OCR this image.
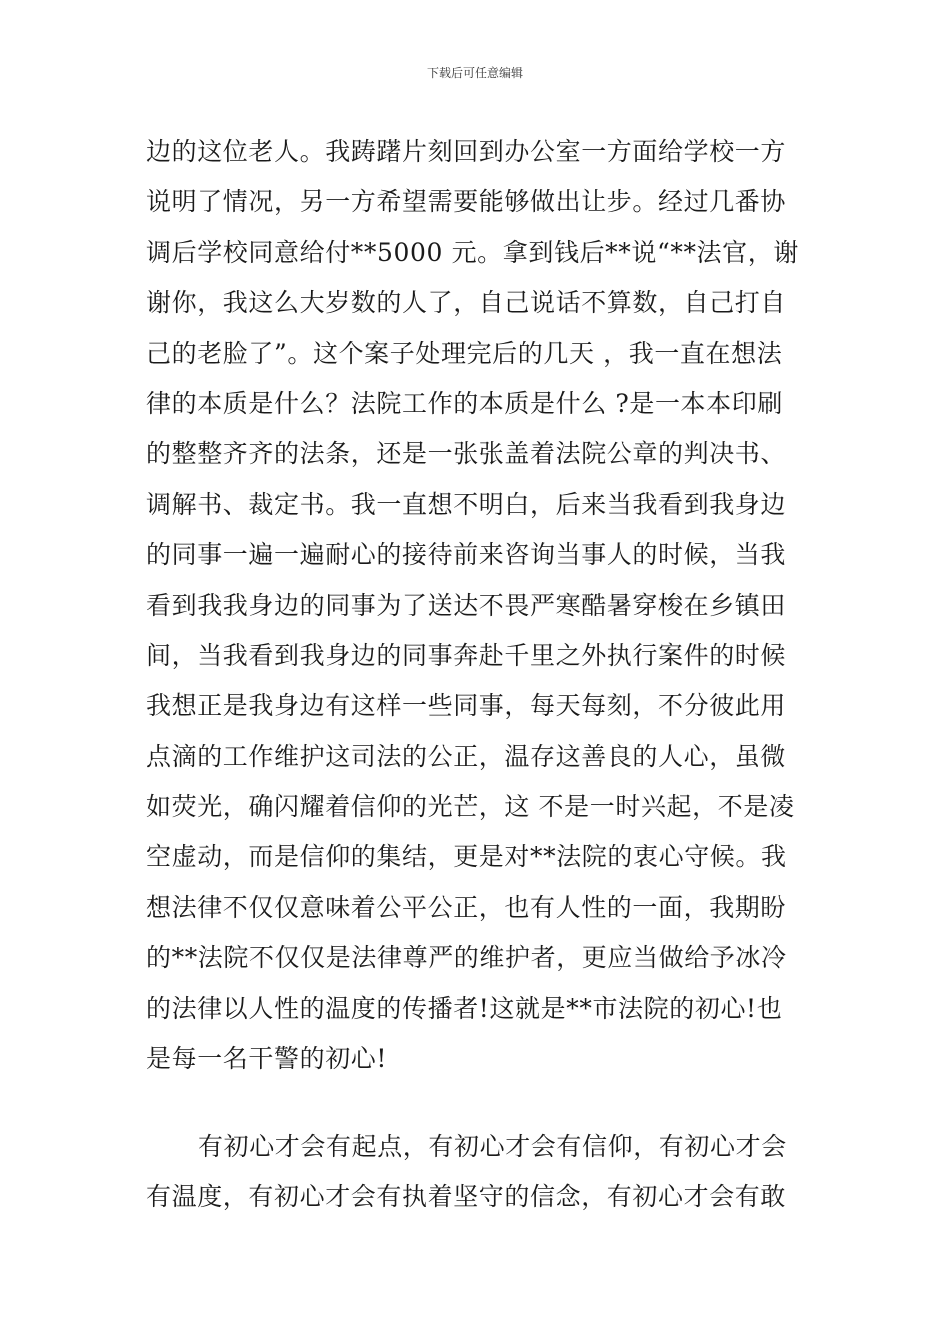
下载后可任意编辑
边的这位老人。我踌躇片刻回到办公室一方面给学校一方
说明了情况，另一方希望需要能够做出让步。经过几番协
调后学校同意给付**5000 元。拿到钱后**说“**法官，谢
谢你，我这么大岁数的人了，自己说话不算数，自己打自
己的老脸了”。这个案子处理完后的几天 ，我一直在想法
律的本质是什么？法院工作的本质是什么 ?是一本本印刷
的整整齐齐的法条，还是一张张盖着法院公章的判决书、
调解书、裁定书。我一直想不明白，后来当我看到我身边
的同事一遍一遍耐心的接待前来咨询当事人的时候，当我
看到我我身边的同事为了送达不畏严寒酷暑穿梭在乡镇田
间，当我看到我身边的同事奔赴千里之外执行案件的时候
我想正是我身边有这样一些同事，每天每刻，不分彼此用
点滴的工作维护这司法的公正，温存这善良的人心，虽微
如荧光，确闪耀着信仰的光芒，这 不是一时兴起，不是凌
空虚动，而是信仰的集结，更是对**法院的衷心守候。我
想法律不仅仅意味着公平公正，也有人性的一面，我期盼
的**法院不仅仅是法律尊严的维护者，更应当做给予冰冷
的法律以人性的温度的传播者!这就是**市法院的初心!也
是每一名干警的初心!
有初心才会有起点，有初心才会有信仰，有初心才会
有温度，有初心才会有执着坚守的信念，有初心才会有敢
